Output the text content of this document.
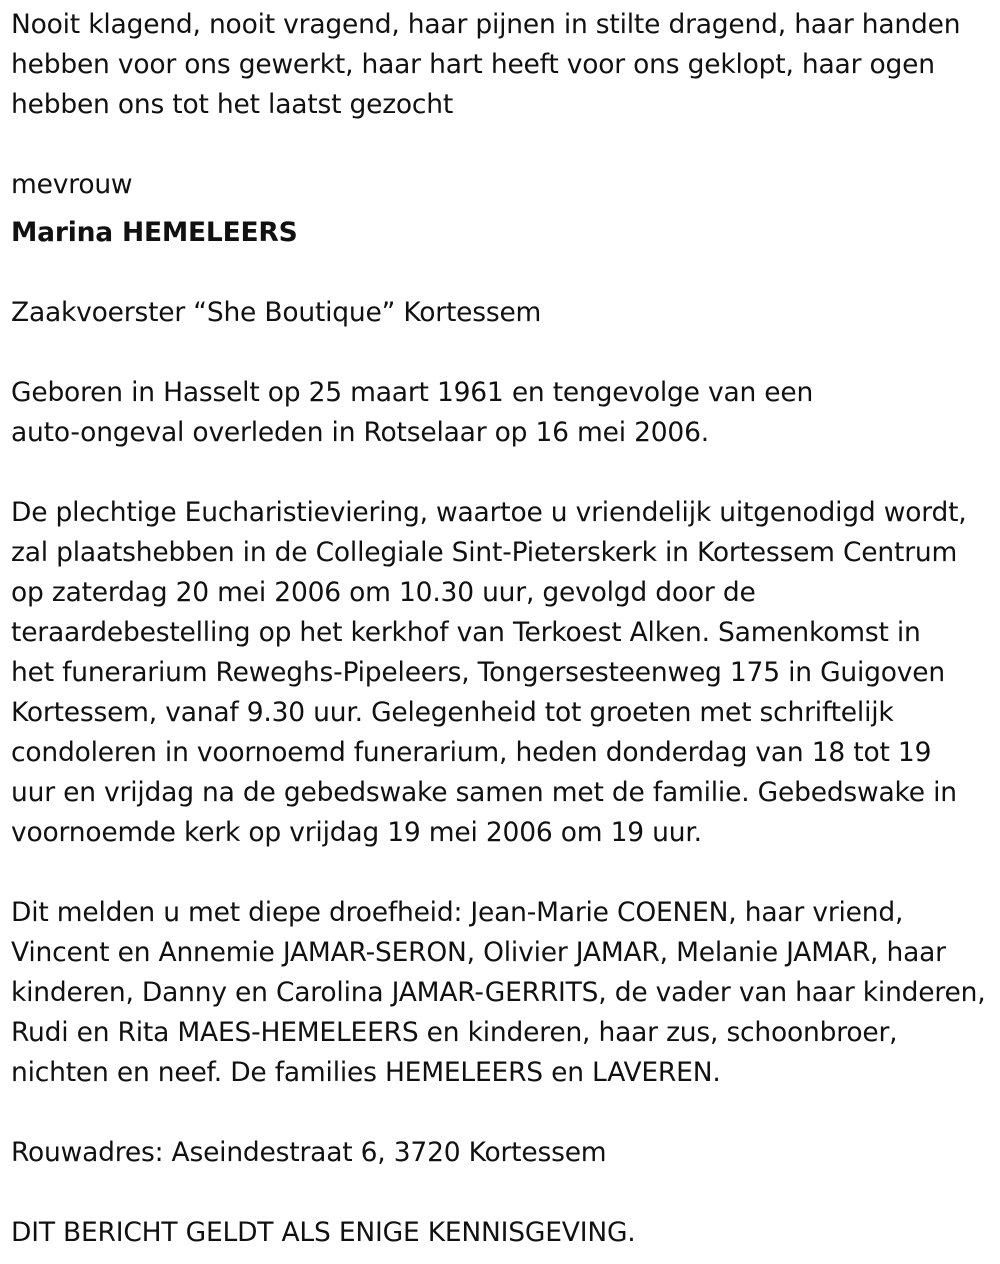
Nooit klagend, nooit vragend, haar pijnen in stilte dragend, haar handen
hebben voor ons gewerkt, haar hart heeft voor ons geklopt, haar ogen
hebben ons tot het laatst gezocht
mevrouw
Marina HEMELEERS
Zaakvoerster “She Boutique” Kortessem
Geboren in Hasselt op 25 maart 1961 en tengevolge van een
auto-ongeval overleden in Rotselaar op 16 mei 2006.
De plechtige Eucharistieviering, waartoe u vriendelijk uitgenodigd wordt,
zal plaatshebben in de Collegiale Sint-Pieterskerk in Kortessem Centrum
op zaterdag 20 mei 2006 om 10.30 uur, gevolgd door de
teraardebestelling op het kerkhof van Terkoest Alken. Samenkomst in
het funerarium Reweghs-Pipeleers, Tongersesteenweg 175 in Guigoven
Kortessem, vanaf 9.30 uur. Gelegenheid tot groeten met schriftelijk
condoleren in voornoemd funerarium, heden donderdag van 18 tot 19
uur en vrijdag na de gebedswake samen met de familie. Gebedswake in
voornoemde kerk op vrijdag 19 mei 2006 om 19 uur.
Dit melden u met diepe droefheid: Jean-Marie COENEN, haar vriend,
Vincent en Annemie JAMAR-SERON, Olivier JAMAR, Melanie JAMAR, haar
kinderen, Danny en Carolina JAMAR-GERRITS, de vader van haar kinderen,
Rudi en Rita MAES-HEMELEERS en kinderen, haar zus, schoonbroer,
nichten en neef. De families HEMELEERS en LAVEREN.
Rouwadres: Aseindestraat 6, 3720 Kortessem
DIT BERICHT GELDT ALS ENIGE KENNISGEVING.
